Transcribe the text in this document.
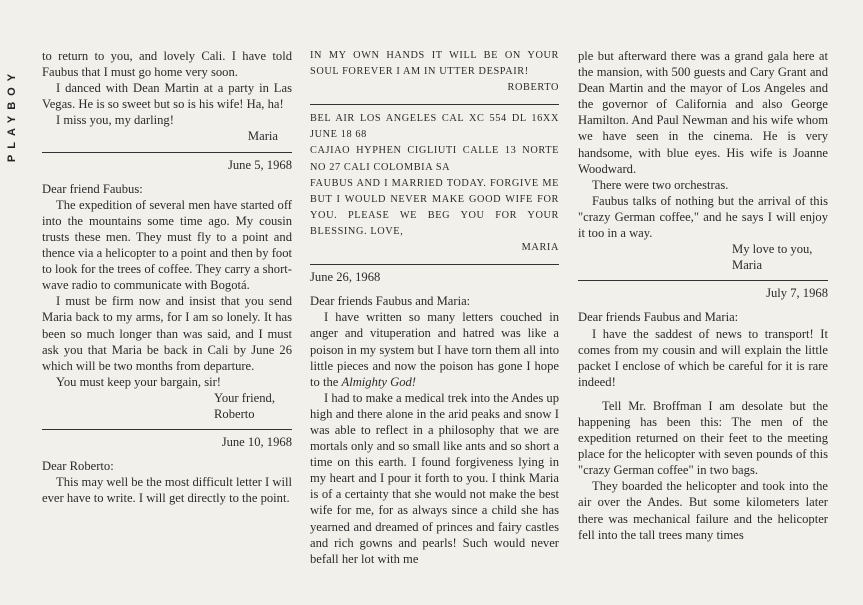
PLAYBOY

to return to you, and lovely Cali. I have told Faubus that I must go home very soon.

I danced with Dean Martin at a party in Las Vegas. He is so sweet but so is his wife! Ha, ha!

I miss you, my darling!

Maria

June 5, 1968

Dear friend Faubus:

The expedition of several men have started off into the mountains some time ago. My cousin trusts these men. They must fly to a point and thence via a helicopter to a point and then by foot to look for the trees of coffee. They carry a short-wave radio to communicate with Bogotá.

I must be firm now and insist that you send Maria back to my arms, for I am so lonely. It has been so much longer than was said, and I must ask you that Maria be back in Cali by June 26 which will be two months from departure.

You must keep your bargain, sir!

Your friend,

Roberto

June 10, 1968

Dear Roberto:

This may well be the most difficult letter I will ever have to write. I will get directly to the point.

IN MY OWN HANDS IT WILL BE ON YOUR SOUL FOREVER I AM IN UTTER DESPAIR!

ROBERTO

BEL AIR LOS ANGELES CAL XC 554 DL 16XX JUNE 18 68

CAJIAO HYPHEN CIGLIUTI CALLE 13 NORTE NO 27 CALI COLOMBIA SA

FAUBUS AND I MARRIED TODAY. FORGIVE ME BUT I WOULD NEVER MAKE GOOD WIFE FOR YOU. PLEASE WE BEG YOU FOR YOUR BLESSING. LOVE,

MARIA

June 26, 1968

Dear friends Faubus and Maria:

I have written so many letters couched in anger and vituperation and hatred was like a poison in my system but I have torn them all into little pieces and now the poison has gone I hope to the Almighty God!

I had to make a medical trek into the Andes up high and there alone in the arid peaks and snow I was able to reflect in a philosophy that we are mortals only and so small like ants and so short a time on this earth. I found forgiveness lying in my heart and I pour it forth to you. I think Maria is of a certainty that she would not make the best wife for me, for as always since a child she has yearned and dreamed of princes and fairy castles and rich gowns and pearls! Such would never befall her lot with me

ple but afterward there was a grand gala here at the mansion, with 500 guests and Cary Grant and Dean Martin and the mayor of Los Angeles and the governor of California and also George Hamilton. And Paul Newman and his wife whom we have seen in the cinema. He is very handsome, with blue eyes. His wife is Joanne Woodward.

There were two orchestras.

Faubus talks of nothing but the arrival of this "crazy German coffee," and he says I will enjoy it too in a way.

My love to you,

Maria

July 7, 1968

Dear friends Faubus and Maria:

I have the saddest of news to transport! It comes from my cousin and will explain the little packet I enclose of which be careful for it is rare indeed!

Tell Mr. Broffman I am desolate but the happening has been this: The men of the expedition returned on their feet to the meeting place for the helicopter with seven pounds of this "crazy German coffee" in two bags.

They boarded the helicopter and took into the air over the Andes. But some kilometers later there was mechanical failure and the helicopter fell into the tall trees many times
